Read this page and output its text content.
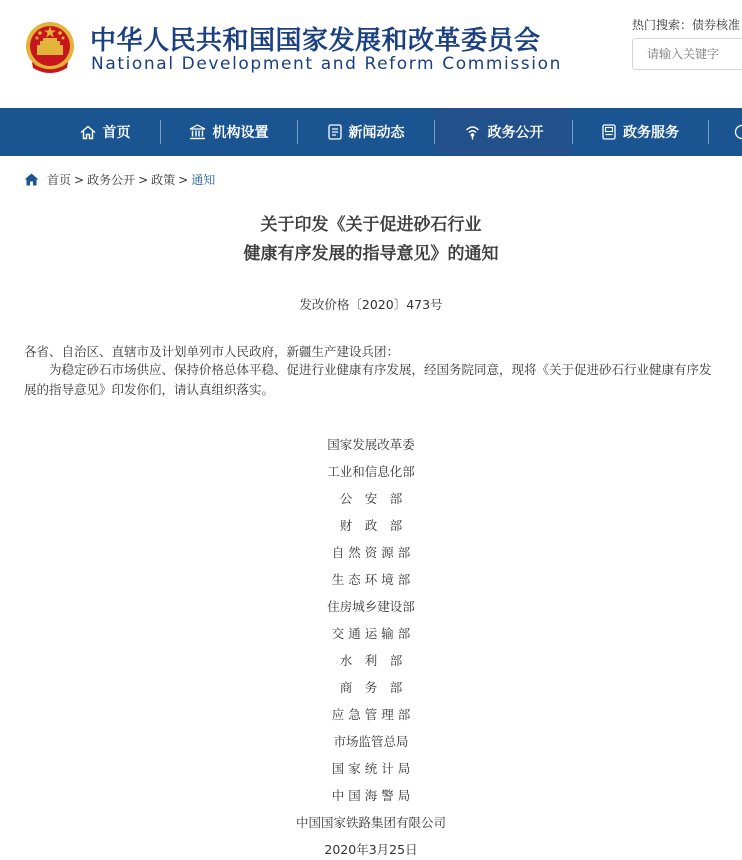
中华人民共和国国家发展和改革委员会
National Development and Reform Commission
热门搜索：债券核准
请输入关键字
首页	机构设置	新闻动态	政务公开	政务服务
首页 > 政务公开 > 政策 > 通知
关于印发《关于促进砂石行业
健康有序发展的指导意见》的通知
发改价格〔2020〕473号
各省、自治区、直辖市及计划单列市人民政府，新疆生产建设兵团：

为稳定砂石市场供应、保持价格总体平稳、促进行业健康有序发展，经国务院同意，现将《关于促进砂石行业健康有序发展的指导意见》印发你们，请认真组织落实。

国家发展改革委
工业和信息化部
公　安　部
财　政　部
自 然 资 源 部
生 态 环 境 部
住房城乡建设部
交 通 运 输 部
水　利　部
商　务　部
应 急 管 理 部
市场监管总局
国 家 统 计 局
中 国 海 警 局
中国国家铁路集团有限公司
2020年3月25日
